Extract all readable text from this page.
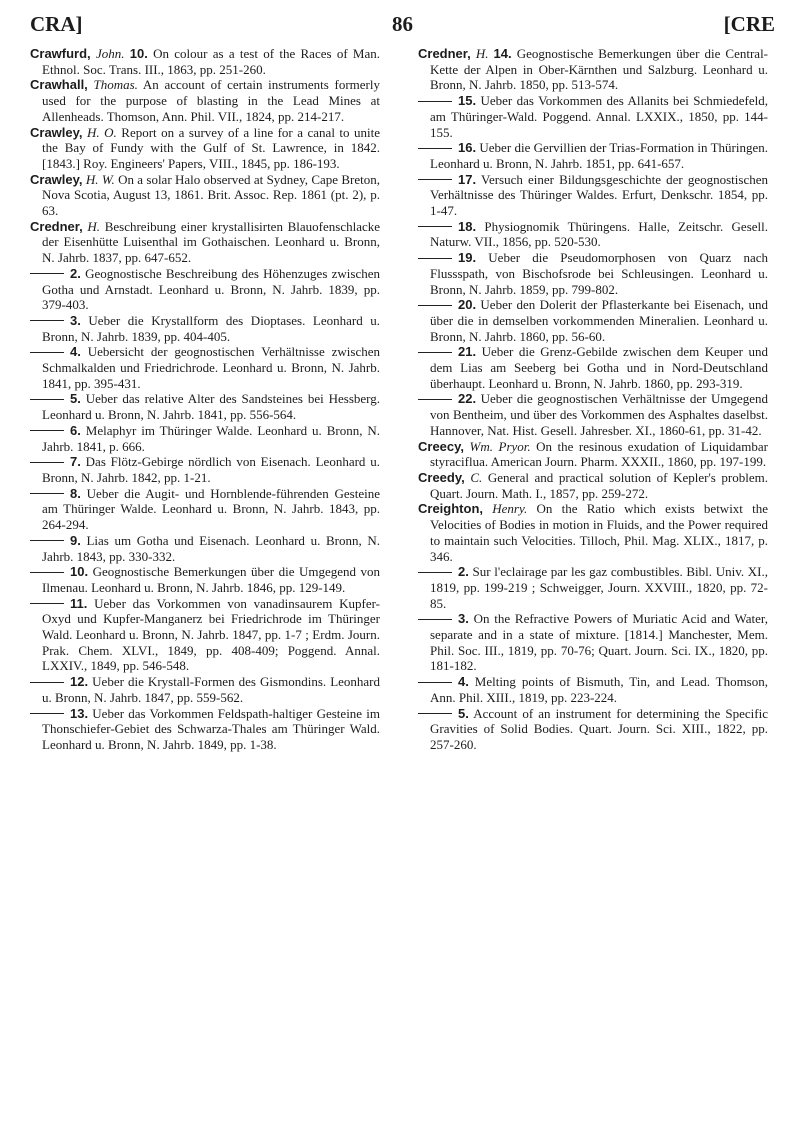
CRA]	86	[CRE

Crawfurd, John. 10. On colour as a test of the Races of Man. Ethnol. Soc. Trans. III., 1863, pp. 251-260.

Crawhall, Thomas. An account of certain instruments formerly used for the purpose of blasting in the Lead Mines at Allenheads. Thomson, Ann. Phil. VII., 1824, pp. 214-217.

Crawley, H. O. Report on a survey of a line for a canal to unite the Bay of Fundy with the Gulf of St. Lawrence, in 1842. [1843.] Roy. Engineers' Papers, VIII., 1845, pp. 186-193.

Crawley, H. W. On a solar Halo observed at Sydney, Cape Breton, Nova Scotia, August 13, 1861. Brit. Assoc. Rep. 1861 (pt. 2), p. 63.

Credner, H. Beschreibung einer krystallisirten Blauofenschlacke der Eisenhütte Luisenthal im Gothaischen. Leonhard u. Bronn, N. Jahrb. 1837, pp. 647-652.

2. Geognostische Beschreibung des Höhenzuges zwischen Gotha und Arnstadt. Leonhard u. Bronn, N. Jahrb. 1839, pp. 379-403.

3. Ueber die Krystallform des Dioptases. Leonhard u. Bronn, N. Jahrb. 1839, pp. 404-405.

4. Uebersicht der geognostischen Verhältnisse zwischen Schmalkalden und Friedrichrode. Leonhard u. Bronn, N. Jahrb. 1841, pp. 395-431.

5. Ueber das relative Alter des Sandsteines bei Hessberg. Leonhard u. Bronn, N. Jahrb. 1841, pp. 556-564.

6. Melaphyr im Thüringer Walde. Leonhard u. Bronn, N. Jahrb. 1841, p. 666.

7. Das Flötz-Gebirge nördlich von Eisenach. Leonhard u. Bronn, N. Jahrb. 1842, pp. 1-21.

8. Ueber die Augit- und Hornblende-führenden Gesteine am Thüringer Walde. Leonhard u. Bronn, N. Jahrb. 1843, pp. 264-294.

9. Lias um Gotha und Eisenach. Leonhard u. Bronn, N. Jahrb. 1843, pp. 330-332.

10. Geognostische Bemerkungen über die Umgegend von Ilmenau. Leonhard u. Bronn, N. Jahrb. 1846, pp. 129-149.

11. Ueber das Vorkommen von vanadinsaurem Kupfer-Oxyd und Kupfer-Manganerz bei Friedrichrode im Thüringer Wald. Leonhard u. Bronn, N. Jahrb. 1847, pp. 1-7 ; Erdm. Journ. Prak. Chem. XLVI., 1849, pp. 408-409; Poggend. Annal. LXXIV., 1849, pp. 546-548.

12. Ueber die Krystall-Formen des Gismondins. Leonhard u. Bronn, N. Jahrb. 1847, pp. 559-562.

13. Ueber das Vorkommen Feldspath-haltiger Gesteine im Thonschiefer-Gebiet des Schwarza-Thales am Thüringer Wald. Leonhard u. Bronn, N. Jahrb. 1849, pp. 1-38.

Credner, H. 14. Geognostische Bemerkungen über die Central-Kette der Alpen in Ober-Kärnthen und Salzburg. Leonhard u. Bronn, N. Jahrb. 1850, pp. 513-574.

15. Ueber das Vorkommen des Allanits bei Schmiedefeld, am Thüringer-Wald. Poggend. Annal. LXXIX., 1850, pp. 144-155.

16. Ueber die Gervillien der Trias-Formation in Thüringen. Leonhard u. Bronn, N. Jahrb. 1851, pp. 641-657.

17. Versuch einer Bildungsgeschichte der geognostischen Verhältnisse des Thüringer Waldes. Erfurt, Denkschr. 1854, pp. 1-47.

18. Physiognomik Thüringens. Halle, Zeitschr. Gesell. Naturw. VII., 1856, pp. 520-530.

19. Ueber die Pseudomorphosen von Quarz nach Flussspath, von Bischofsrode bei Schleusingen. Leonhard u. Bronn, N. Jahrb. 1859, pp. 799-802.

20. Ueber den Dolerit der Pflasterkante bei Eisenach, und über die in demselben vorkommenden Mineralien. Leonhard u. Bronn, N. Jahrb. 1860, pp. 56-60.

21. Ueber die Grenz-Gebilde zwischen dem Keuper und dem Lias am Seeberg bei Gotha und in Nord-Deutschland überhaupt. Leonhard u. Bronn, N. Jahrb. 1860, pp. 293-319.

22. Ueber die geognostischen Verhältnisse der Umgegend von Bentheim, und über des Vorkommen des Asphaltes daselbst. Hannover, Nat. Hist. Gesell. Jahresber. XI., 1860-61, pp. 31-42.

Creecy, Wm. Pryor. On the resinous exudation of Liquidambar styraciflua. American Journ. Pharm. XXXII., 1860, pp. 197-199.

Creedy, C. General and practical solution of Kepler's problem. Quart. Journ. Math. I., 1857, pp. 259-272.

Creighton, Henry. On the Ratio which exists betwixt the Velocities of Bodies in motion in Fluids, and the Power required to maintain such Velocities. Tilloch, Phil. Mag. XLIX., 1817, p. 346.

2. Sur l'eclairage par les gaz combustibles. Bibl. Univ. XI., 1819, pp. 199-219 ; Schweigger, Journ. XXVIII., 1820, pp. 72-85.

3. On the Refractive Powers of Muriatic Acid and Water, separate and in a state of mixture. [1814.] Manchester, Mem. Phil. Soc. III., 1819, pp. 70-76; Quart. Journ. Sci. IX., 1820, pp. 181-182.

4. Melting points of Bismuth, Tin, and Lead. Thomson, Ann. Phil. XIII., 1819, pp. 223-224.

5. Account of an instrument for determining the Specific Gravities of Solid Bodies. Quart. Journ. Sci. XIII., 1822, pp. 257-260.
